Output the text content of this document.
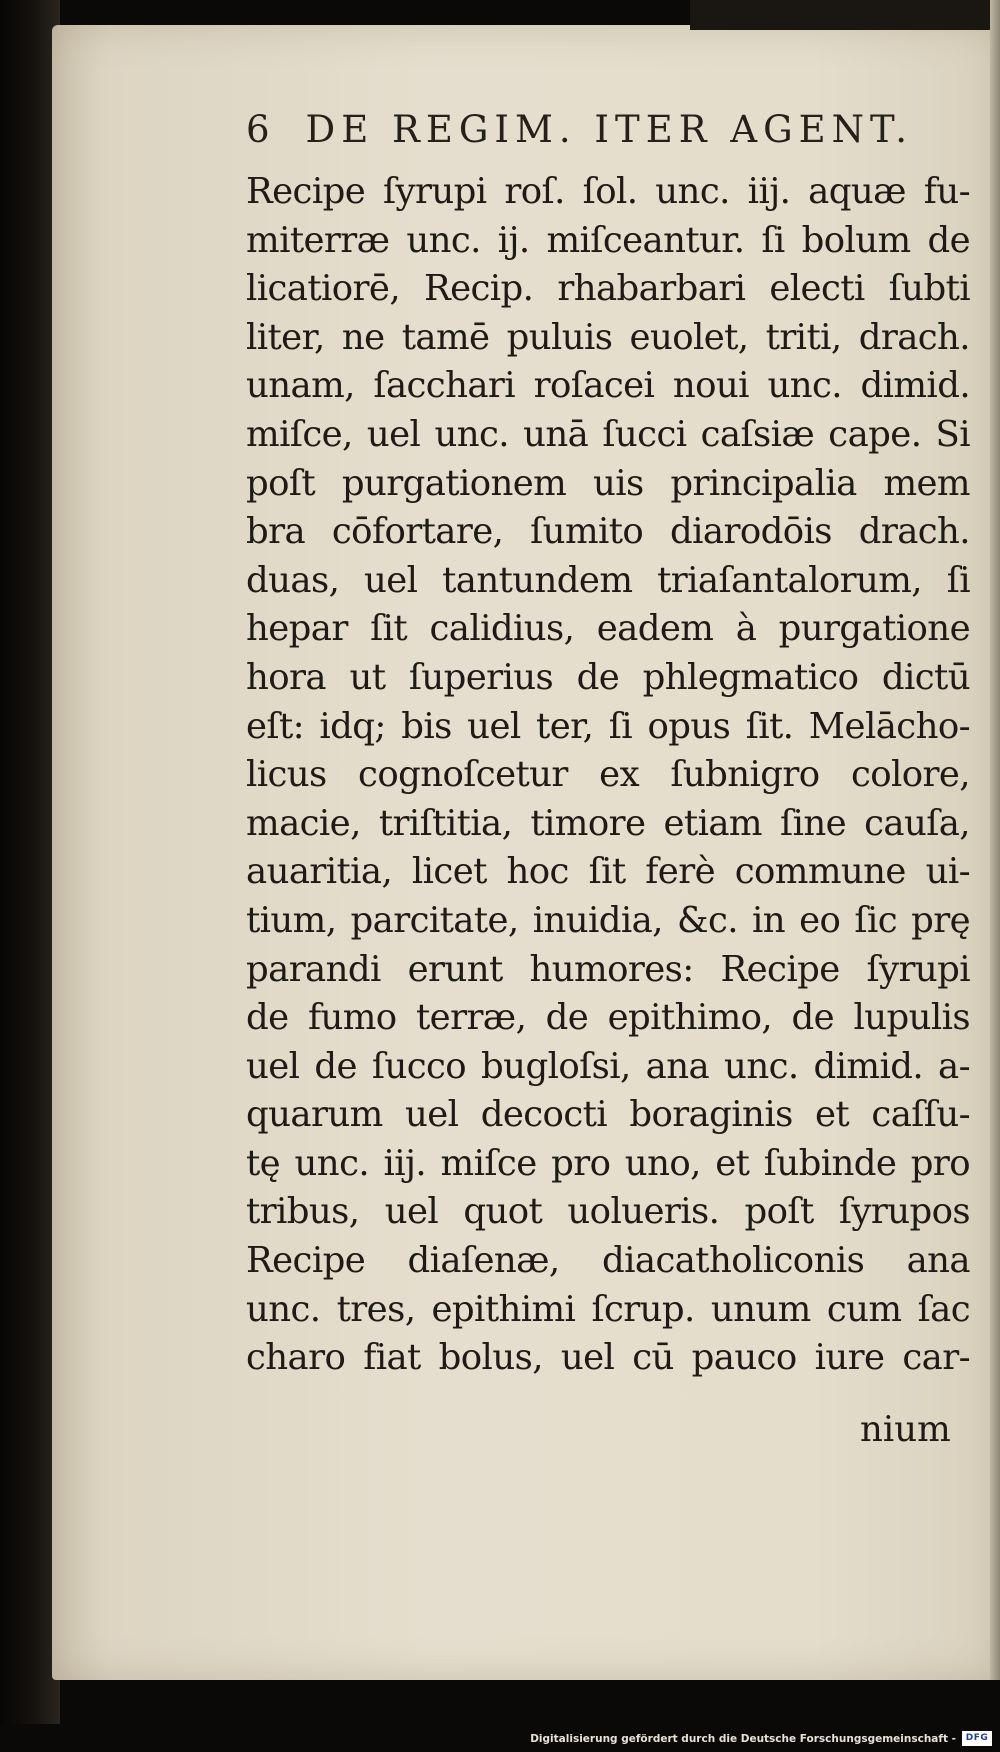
6 DE REGIM. ITER AGENT.
Recipe ſyrupi roſ. ſol. unc. iij. aquæ fu‐
miterræ unc. ij. miſceantur. ſi bolum de
licatiorē, Recip. rhabarbari electi ſubti
liter, ne tamē puluis euolet, triti, drach.
unam, ſacchari roſacei noui unc. dimid.
miſce, uel unc. unā ſucci caſsiæ cape. Si
poſt purgationem uis principalia mem
bra cōfortare, ſumito diarodōis drach.
duas, uel tantundem triaſantalorum, ſi
hepar ſit calidius, eadem à purgatione
hora ut ſuperius de phlegmatico dictū
eſt: idq; bis uel ter, ſi opus ſit. Melācho‐
licus cognoſcetur ex ſubnigro colore,
macie, triſtitia, timore etiam ſine cauſa,
auaritia, licet hoc ſit ferè commune ui‐
tium, parcitate, inuidia, &c. in eo ſic prę
parandi erunt humores: Recipe ſyrupi
de fumo terræ, de epithimo, de lupulis
uel de ſucco bugloſsi, ana unc. dimid. a‐
quarum uel decocti boraginis et caſſu‐
tę unc. iij. miſce pro uno, et ſubinde pro
tribus, uel quot uolueris. poſt ſyrupos
Recipe diaſenæ, diacatholiconis ana
unc. tres, epithimi ſcrup. unum cum ſac
charo fiat bolus, uel cū pauco iure car‐
nium
Digitalisierung gefördert durch die Deutsche Forschungsgemeinschaft -	DFG
